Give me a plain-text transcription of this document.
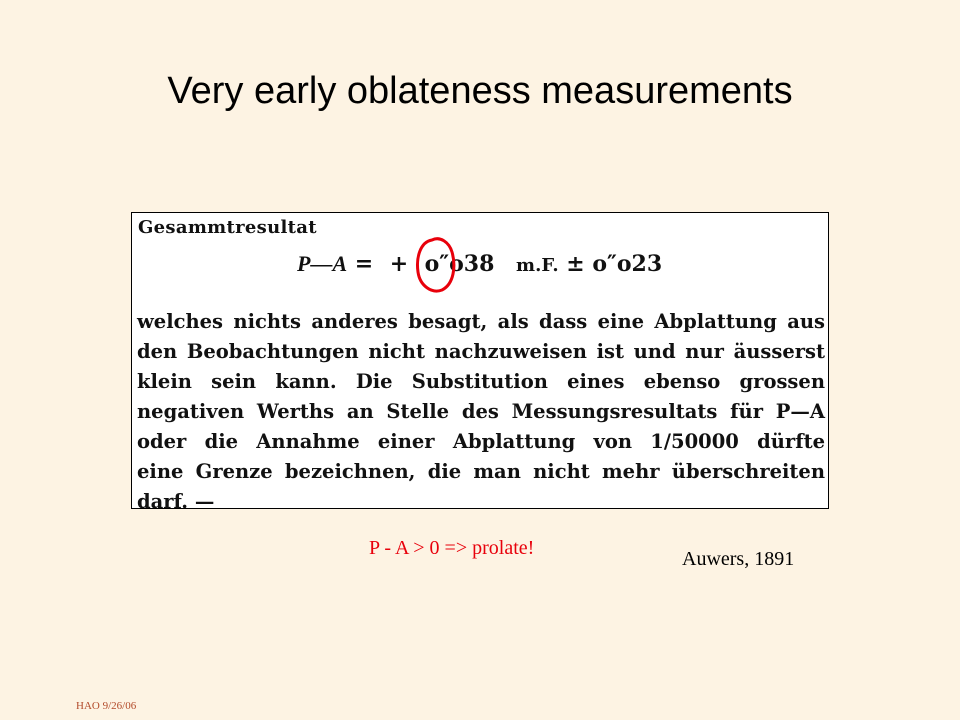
Very early oblateness measurements
Gesammtresultat
P—A = + o″o38 m.F. ± o″o23
welches nichts anderes besagt, als dass eine Abplattung aus
den Beobachtungen nicht nachzuweisen ist und nur äusserst
klein sein kann. Die Substitution eines ebenso grossen
negativen Werths an Stelle des Messungsresultats für P—A
oder die Annahme einer Abplattung von 1/50000 dürfte
eine Grenze bezeichnen, die man nicht mehr überschreiten
darf. —
P - A > 0 => prolate!	Auwers, 1891
HAO 9/26/06
